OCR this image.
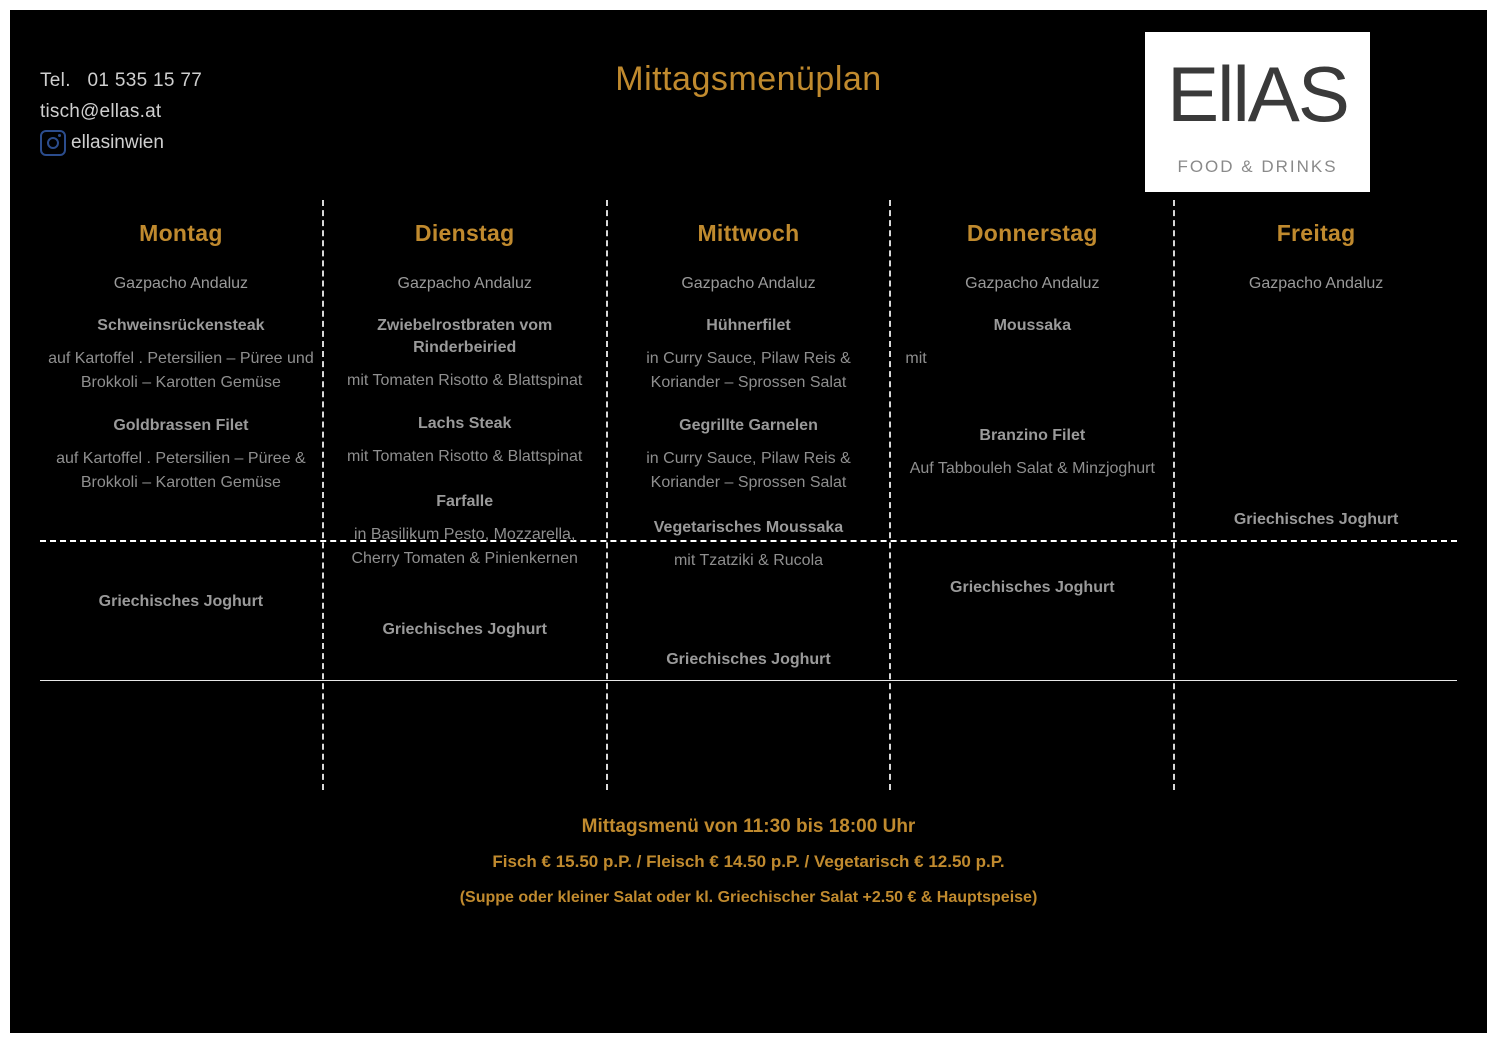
Tel. 01 535 15 77
tisch@ellas.at
ellasinwien
Mittagsmenüplan	EllAS
FOOD & DRINKS
Montag
Gazpacho Andaluz
Schweinsrückensteak
auf Kartoffel . Petersilien – Püree und Brokkoli – Karotten Gemüse
Goldbrassen Filet
auf Kartoffel . Petersilien – Püree & Brokkoli – Karotten Gemüse
Griechisches Joghurt
Dienstag
Gazpacho Andaluz
Zwiebelrostbraten vom Rinderbeiried
mit Tomaten Risotto & Blattspinat
Lachs Steak
mit Tomaten Risotto & Blattspinat
Farfalle
in Basilikum Pesto, Mozzarella, Cherry Tomaten & Pinienkernen
Griechisches Joghurt
Mittwoch
Gazpacho Andaluz
Hühnerfilet
in Curry Sauce, Pilaw Reis & Koriander – Sprossen Salat
Gegrillte Garnelen
in Curry Sauce, Pilaw Reis & Koriander – Sprossen Salat
Vegetarisches Moussaka
mit Tzatziki & Rucola
Griechisches Joghurt
Donnerstag
Gazpacho Andaluz
Moussaka
mit
Branzino Filet
Auf Tabbouleh Salat & Minzjoghurt
Griechisches Joghurt
Freitag
Gazpacho Andaluz
Griechisches Joghurt
Mittagsmenü von 11:30 bis 18:00 Uhr
Fisch € 15.50 p.P. / Fleisch € 14.50 p.P. / Vegetarisch € 12.50 p.P.
(Suppe oder kleiner Salat oder kl. Griechischer Salat +2.50 € & Hauptspeise)
